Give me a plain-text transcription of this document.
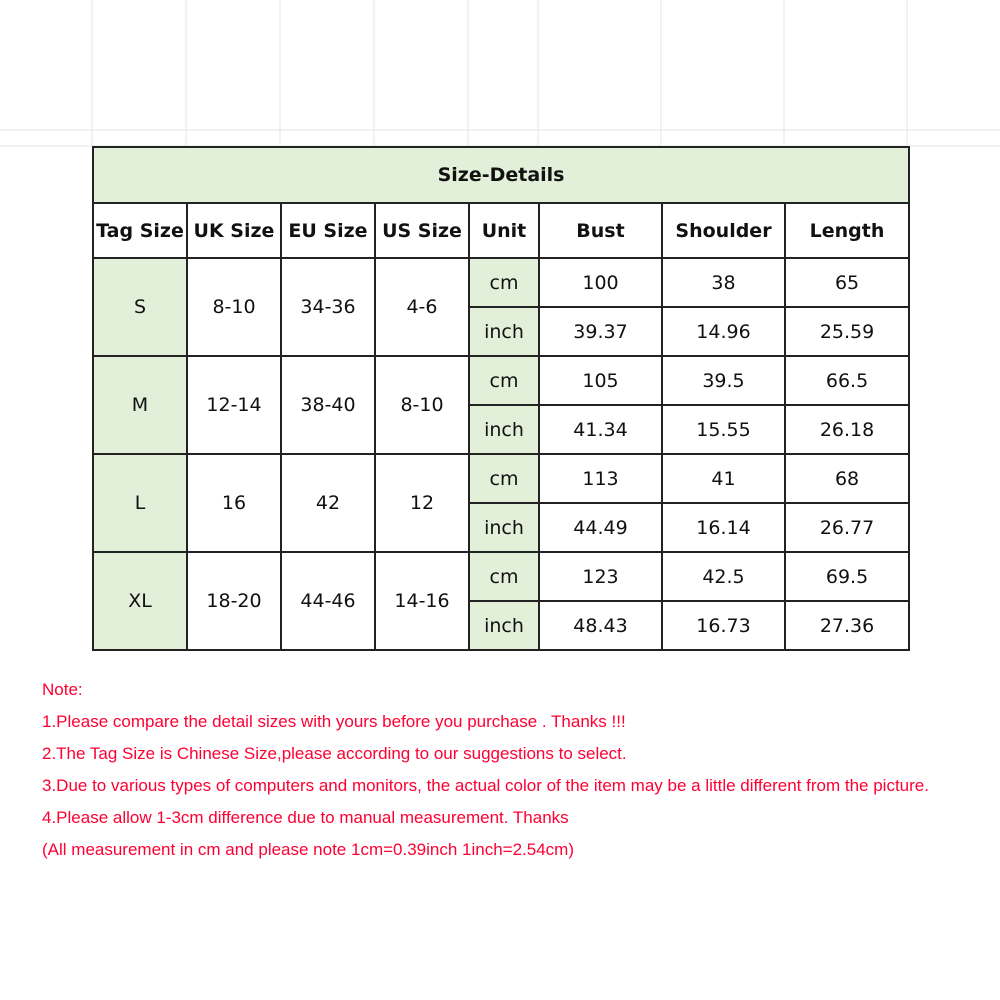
Size-Details							
Tag Size	UK Size	EU Size	US Size	Unit	Bust	Shoulder	Length
S	8-10	34-36	4-6	cm	100	38	65
				inch	39.37	14.96	25.59
M	12-14	38-40	8-10	cm	105	39.5	66.5
				inch	41.34	15.55	26.18
L	16	42	12	cm	113	41	68
				inch	44.49	16.14	26.77
XL	18-20	44-46	14-16	cm	123	42.5	69.5
				inch	48.43	16.73	27.36
Note:
1.Please compare the detail sizes with yours before you purchase . Thanks !!!
2.The Tag Size is Chinese Size,please according to our suggestions to select.
3.Due to various types of computers and monitors, the actual color of the item may be a little different from the picture.
4.Please allow 1-3cm difference due to manual measurement. Thanks
(All measurement in cm and please note 1cm=0.39inch 1inch=2.54cm)
